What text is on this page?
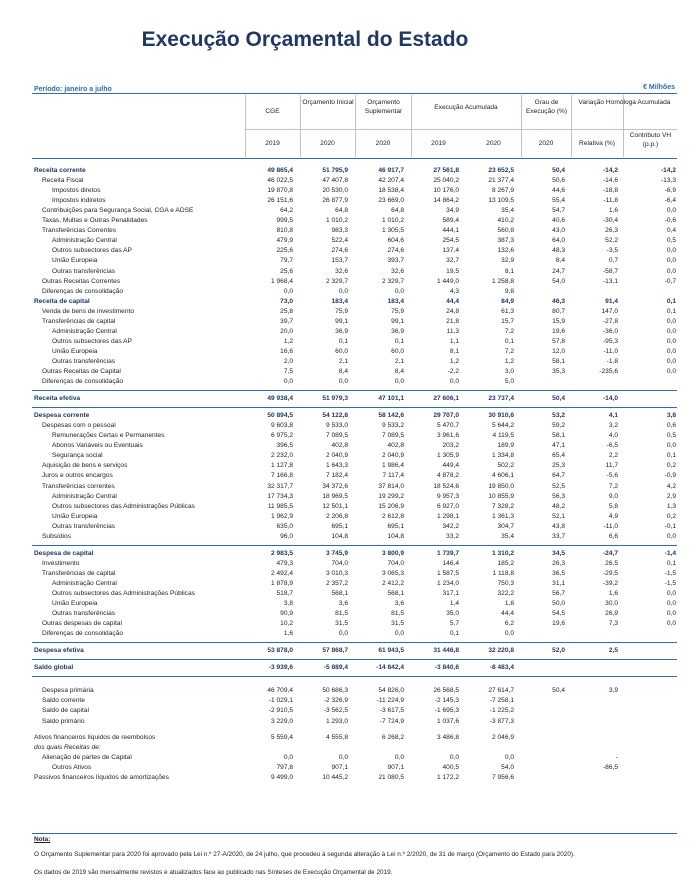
Execução Orçamental do Estado
Período: janeiro a julho	€ Milhões
CGE
Orçamento Inicial	Orçamento Suplementar
Execução Acumulada
Grau de Execução (%)
Variação Homóloga Acumulada
2019	2020	2020	2019	2020	2020	Relativa (%)
Contributo VH (p.p.)
Receita corrente	49 865,4	51 795,9	46 917,7	27 561,8	23 652,5	50,4	-14,2	-14,2
Receita Fiscal	46 022,5	47 407,8	42 207,4	25 040,2	21 377,4	50,6	-14,6	-13,3
Impostos diretos	19 870,8	20 530,0	18 538,4	10 176,0	8 267,9	44,6	-18,8	-6,9
Impostos indiretos	26 151,6	26 877,9	23 669,0	14 864,2	13 109,5	55,4	-11,8	-6,4
Contribuições para Segurança Social, CGA e ADSE	64,2	64,8	64,8	34,9	35,4	54,7	1,6	0,0
Taxas, Multas e Outras Penalidades	999,5	1 010,2	1 010,2	589,4	410,2	40,6	-30,4	-0,6
Transferências Correntes	810,8	983,3	1 305,5	444,1	560,8	43,0	26,3	0,4
Administração Central	479,9	522,4	604,6	254,5	387,3	64,0	52,2	0,5
Outros subsectores das AP	225,6	274,6	274,6	137,4	132,6	48,3	-3,5	0,0
União Europeia	79,7	153,7	393,7	32,7	32,9	8,4	0,7	0,0
Outras transferências	25,6	32,6	32,6	19,5	8,1	24,7	-58,7	0,0
Outras Receitas Correntes	1 968,4	2 329,7	2 329,7	1 449,0	1 258,8	54,0	-13,1	-0,7
Diferenças de consolidação	0,0	0,0	0,0	4,3	9,8
Receita de capital	73,0	183,4	183,4	44,4	84,9	46,3	91,4	0,1
Venda de bens de investimento	25,8	75,9	75,9	24,8	61,3	80,7	147,0	0,1
Transferências de capital	39,7	99,1	99,1	21,8	15,7	15,9	-27,8	0,0
Administração Central	20,0	36,9	36,9	11,3	7,2	19,6	-36,0	0,0
Outros subsectores das AP	1,2	0,1	0,1	1,1	0,1	57,8	-95,3	0,0
União Europeia	16,6	60,0	60,0	8,1	7,2	12,0	-11,0	0,0
Outras transferências	2,0	2,1	2,1	1,2	1,2	58,1	-1,8	0,0
Outras Receitas de Capital	7,5	8,4	8,4	-2,2	3,0	35,3	-235,6	0,0
Diferenças de consolidação	0,0	0,0	0,0	0,0	5,0
Receita efetiva	49 938,4	51 979,3	47 101,1	27 606,1	23 737,4	50,4	-14,0
Despesa corrente	50 894,5	54 122,8	58 142,6	29 707,0	30 910,6	53,2	4,1	3,8
Despesas com o pessoal	9 603,8	9 533,0	9 533,2	5 470,7	5 644,2	59,2	3,2	0,6
Remunerações Certas e Permanentes	6 975,2	7 089,5	7 089,5	3 961,6	4 119,5	58,1	4,0	0,5
Abonos Variáveis ou Eventuais	396,5	402,8	402,8	203,2	189,9	47,1	-6,5	0,0
Segurança social	2 232,0	2 040,9	2 040,9	1 305,9	1 334,8	65,4	2,2	0,1
Aquisição de bens e serviços	1 127,8	1 643,3	1 986,4	449,4	502,2	25,3	11,7	0,2
Juros e outros encargos	7 166,8	7 182,4	7 117,4	4 878,2	4 606,1	64,7	-5,6	-0,9
Transferências correntes	32 317,7	34 372,6	37 814,0	18 524,6	19 850,0	52,5	7,2	4,2
Administração Central	17 734,3	18 969,5	19 299,2	9 957,3	10 855,9	56,3	9,0	2,9
Outros subsectores das Administrações Públicas	11 985,5	12 501,1	15 206,9	6 927,0	7 328,2	48,2	5,8	1,3
União Europeia	1 962,9	2 206,8	2 612,8	1 298,1	1 361,3	52,1	4,9	0,2
Outras transferências	635,0	695,1	695,1	342,2	304,7	43,8	-11,0	-0,1
Subsídios	96,0	104,8	104,8	33,2	35,4	33,7	6,6	0,0
Despesa de capital	2 983,5	3 745,9	3 800,9	1 739,7	1 310,2	34,5	-24,7	-1,4
Investimento	479,3	704,0	704,0	146,4	185,2	26,3	26,5	0,1
Transferências de capital	2 492,4	3 010,3	3 065,3	1 587,5	1 118,8	36,5	-29,5	-1,5
Administração Central	1 878,9	2 357,2	2 412,2	1 234,0	750,3	31,1	-39,2	-1,5
Outros subsectores das Administrações Públicas	518,7	568,1	568,1	317,1	322,2	56,7	1,6	0,0
União Europeia	3,8	3,6	3,6	1,4	1,8	50,0	30,0	0,0
Outras transferências	90,9	81,5	81,5	35,0	44,4	54,5	26,9	0,0
Outras despesas de capital	10,2	31,5	31,5	5,7	6,2	19,6	7,3	0,0
Diferenças de consolidação	1,6	0,0	0,0	0,1	0,0
Despesa efetiva	53 878,0	57 868,7	61 943,5	31 446,8	32 220,8	52,0	2,5
Saldo global	-3 939,6	-5 889,4	-14 842,4	-3 840,6	-8 483,4
Despesa primária	46 709,4	50 686,3	54 826,0	26 568,5	27 614,7	50,4	3,9
Saldo corrente	-1 029,1	-2 326,9	-11 224,9	-2 145,3	-7 258,1
Saldo de capital	-2 910,5	-3 562,5	-3 617,5	-1 695,3	-1 225,2
Saldo primário	3 229,0	1 293,0	-7 724,9	1 037,6	-3 877,3
Ativos financeiros líquidos de reembolsos	5 559,4	4 555,8	6 268,2	3 486,8	2 046,9
dos quais Receitas de:
Alienação de partes de Capital	0,0	0,0	0,0	0,0	0,0	-
Outros Ativos	797,8	907,1	907,1	400,5	54,0	-86,5
Passivos financeiros líquidos de amortizações	9 499,0	10 445,2	21 080,5	1 172,2	7 956,6
Nota:

O Orçamento Suplementar para 2020 foi aprovado pela Lei n.º 27-A/2020, de 24 julho, que procedeu à segunda alteração à Lei n.º 2/2020, de 31 de março (Orçamento do Estado para 2020).

Os dados de 2019 são mensalmente revistos e atualizados face ao publicado nas Sínteses de Execução Orçamental de 2019.
